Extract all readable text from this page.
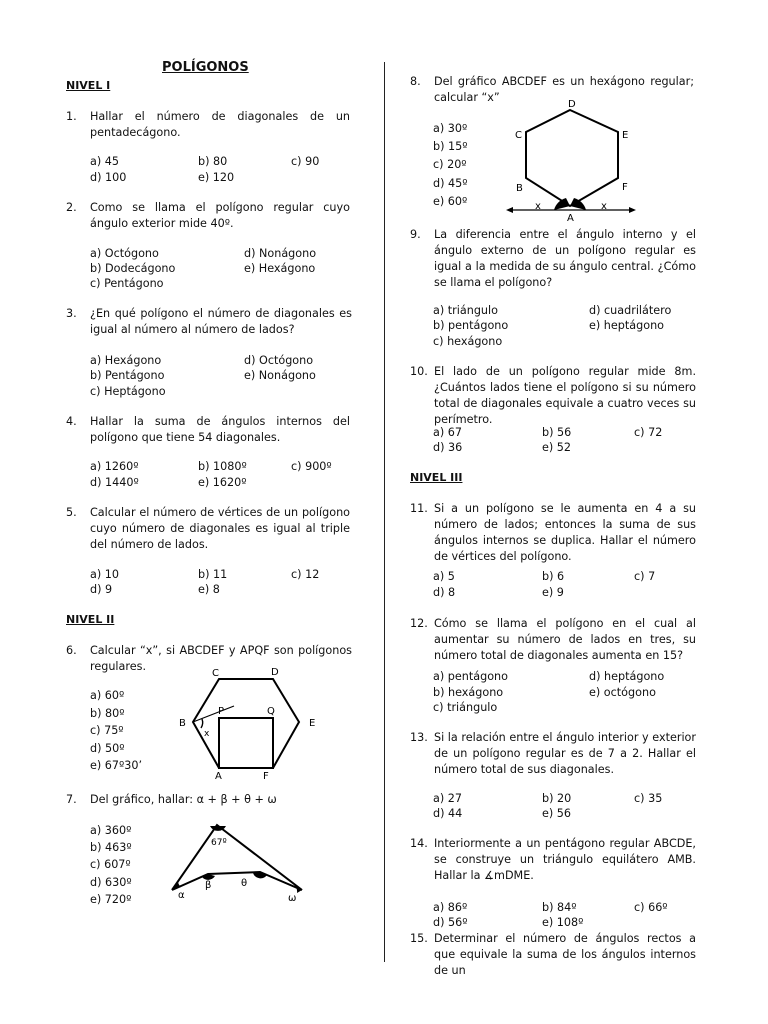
POLÍGONOS
NIVEL I
1. Hallar el número de diagonales de un pentadecágono.
a) 45	b) 80	c) 90
d) 100	e) 120
2. Como se llama el polígono regular cuyo ángulo exterior mide 40º.
a) Octógono	d) Nonágono
b) Dodecágono	e) Hexágono
c) Pentágono
3. ¿En qué polígono el número de diagonales es igual al número al número de lados?
a) Hexágono	d) Octógono
b) Pentágono	e) Nonágono
c) Heptágono
4. Hallar la suma de ángulos internos del polígono que tiene 54 diagonales.
a) 1260º	b) 1080º	c) 900º
d) 1440º	e) 1620º
5. Calcular el número de vértices de un polígono cuyo número de diagonales es igual al triple del número de lados.
a) 10	b) 11	c) 12
d) 9	e) 8
NIVEL II
6. Calcular “x”, si ABCDEF y APQF son polígonos regulares.
a) 60º
b) 80º
c) 75º
d) 50º
e) 67º30’
C	D
B	E
P	Q
A	F
x
7. Del gráfico, hallar: α + β + θ + ω
a) 360º
b) 463º
c) 607º
d) 630º
e) 720º
67º
α
β	θ
ω
8. Del gráfico ABCDEF es un hexágono regular; calcular “x”
a) 30º
b) 15º
c) 20º
d) 45º
e) 60º
D
C	E
B	F
A
x	x
9. La diferencia entre el ángulo interno y el ángulo externo de un polígono regular es igual a la medida de su ángulo central. ¿Cómo se llama el polígono?
a) triángulo	d) cuadrilátero
b) pentágono	e) heptágono
c) hexágono
10. El lado de un polígono regular mide 8m. ¿Cuántos lados tiene el polígono si su número total de diagonales equivale a cuatro veces su perímetro.
a) 67	b) 56	c) 72
d) 36	e) 52
NIVEL III
11. Si a un polígono se le aumenta en 4 a su número de lados; entonces la suma de sus ángulos internos se duplica. Hallar el número de vértices del polígono.
a) 5	b) 6	c) 7
d) 8	e) 9
12. Cómo se llama el polígono en el cual al aumentar su número de lados en tres, su número total de diagonales aumenta en 15?
a) pentágono	d) heptágono
b) hexágono	e) octógono
c) triángulo
13. Si la relación entre el ángulo interior y exterior de un polígono regular es de 7 a 2. Hallar el número total de sus diagonales.
a) 27	b) 20	c) 35
d) 44	e) 56
14. Interiormente a un pentágono regular ABCDE, se construye un triángulo equilátero AMB. Hallar la ∡mDME.
a) 86º	b) 84º	c) 66º
d) 56º	e) 108º
15. Determinar el número de ángulos rectos a que equivale la suma de los ángulos internos de un
